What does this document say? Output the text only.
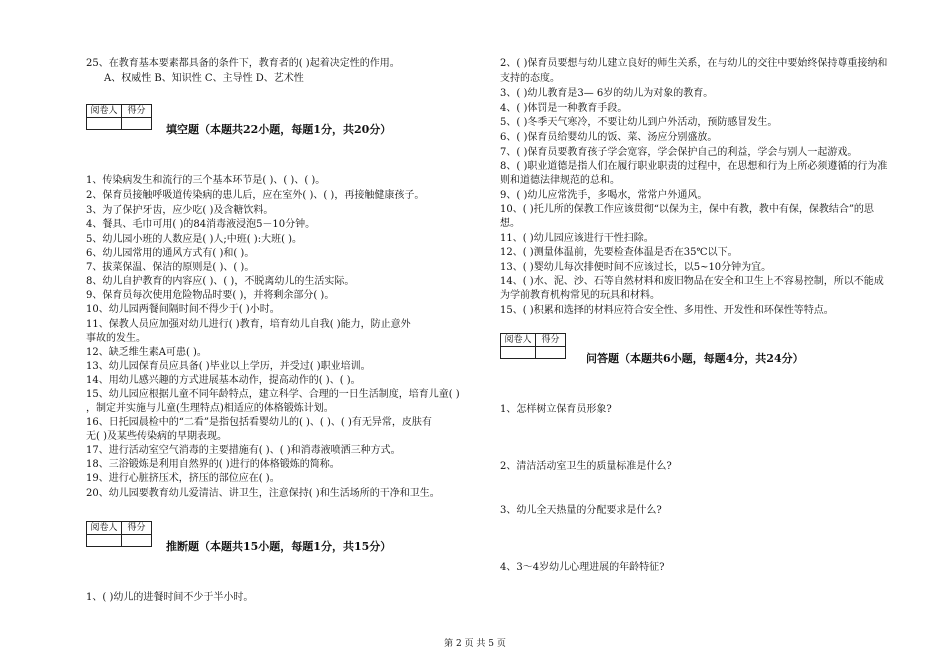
25、在教育基本要素都具备的条件下，教育者的( )起着决定性的作用。
A、权威性 B、知识性 C、主导性 D、艺术性
阅卷人	得分
填空题（本题共22小题，每题1分，共20分）
1、传染病发生和流行的三个基本环节是( )、( )、( )。
2、保育员接触呼吸道传染病的患儿后，应在室外( )、( )，再接触健康孩子。
3、为了保护牙齿，应少吃( )及含糖饮料。
4、餐具、毛巾可用( )的84消毒液浸泡5－10分钟。
5、幼儿园小班的人数应是( )人;中班( ):大班( )。
6、幼儿园常用的通风方式有( )和( )。
7、拔菜保温、保洁的原则是( )、( )。
8、幼儿自护教育的内容应( )、( )，不脱离幼儿的生活实际。
9、保育员每次使用危险物品时要( )，并将剩余部分( )。
10、幼儿园两餐间隔时间不得少于( )小时。
11、保教人员应加强对幼儿进行( )教育，培育幼儿自我( )能力，防止意外
事故的发生。
12、缺乏维生素A可患( )。
13、幼儿园保育员应具备( )毕业以上学历，并受过( )职业培训。
14、用幼儿感兴趣的方式进展基本动作，提高动作的( )、( )。
15、幼儿园应根据儿童不同年龄特点，建立科学、合理的一日生活制度，培育儿童( )
，制定并实施与儿童(生理特点)相适应的体格锻炼计划。
16、日托园晨检中的“二看”是指包括看婴幼儿的( )、( )、( )有无异常，皮肤有
无( )及某些传染病的早期表现。
17、进行活动室空气消毒的主要措施有( )、( )和消毒液喷洒三种方式。
18、三浴锻炼是利用自然界的( )进行的体格锻炼的简称。
19、进行心脏挤压术，挤压的部位应在( )。
20、幼儿园要教育幼儿爱清洁、讲卫生，注意保持( )和生活场所的干净和卫生。
阅卷人	得分
推断题（本题共15小题，每题1分，共15分）
1、( )幼儿的进餐时间不少于半小时。
2、( )保育员要想与幼儿建立良好的师生关系，在与幼儿的交往中要始终保持尊重接纳和
支持的态度。
3、( )幼儿教育是3— 6岁的幼儿为对象的教育。
4、( )体罚是一种教育手段。
5、( )冬季天气寒冷，不要让幼儿到户外活动，预防感冒发生。
6、( )保育员给婴幼儿的饭、菜、汤应分别盛放。
7、( )保育员要教育孩子学会宽容，学会保护自己的利益，学会与别人一起游戏。
8、( )职业道德是指人们在履行职业职责的过程中，在思想和行为上所必须遵循的行为准
则和道德法律规范的总和。
9、( )幼儿应常洗手，多喝水，常常户外通风。
10、( )托儿所的保教工作应该贯彻“以保为主，保中有教，教中有保，保教结合”的思
想。
11、( )幼儿园应该进行干性扫除。
12、( )测量体温前，先要检查体温是否在35℃以下。
13、( )婴幼儿每次排便时间不应该过长，以5~10分钟为宜。
14、( )水、泥、沙、石等自然材料和废旧物品在安全和卫生上不容易控制，所以不能成
为学前教育机构常见的玩具和材料。
15、( )积累和选择的材料应符合安全性、多用性、开发性和环保性等特点。
阅卷人	得分
问答题（本题共6小题，每题4分，共24分）
1、怎样树立保育员形象?
2、清洁活动室卫生的质量标准是什么?
3、幼儿全天热量的分配要求是什么?
4、3～4岁幼儿心理进展的年龄特征?
第 2 页 共 5 页
